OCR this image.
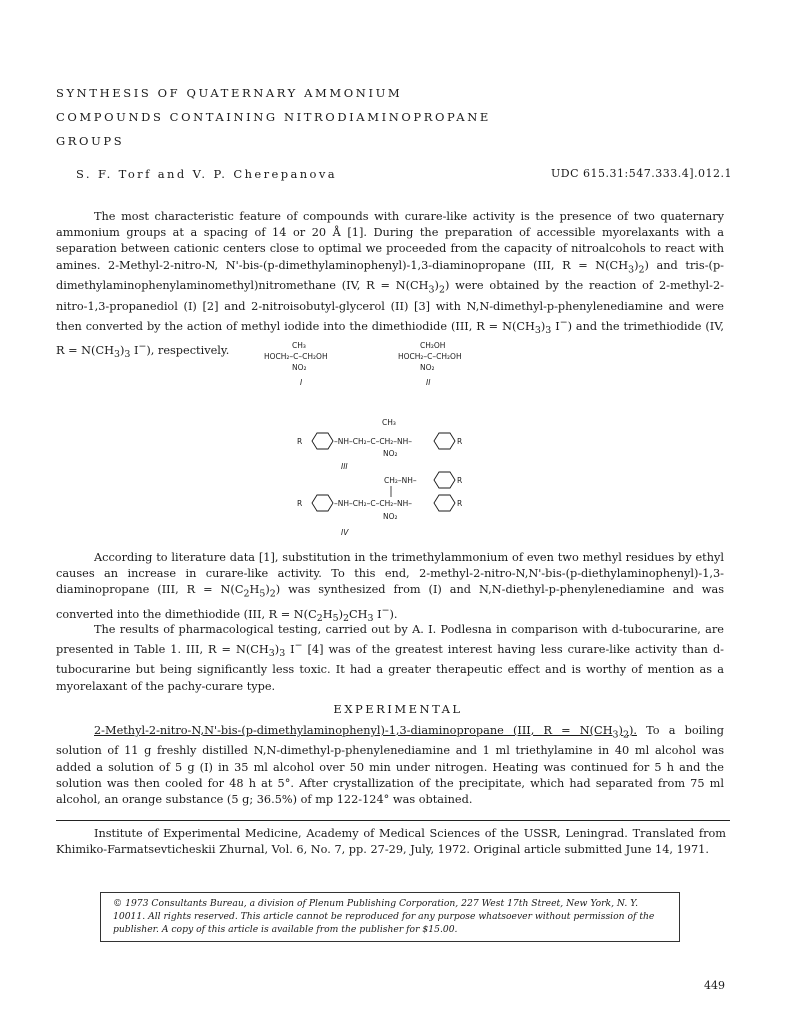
SYNTHESIS OF QUATERNARY AMMONIUM
COMPOUNDS CONTAINING NITRODIAMINOPROPANE
GROUPS
S. F. Torf and V. P. Cherepanova	UDC 615.31:547.333.4].012.1

The most characteristic feature of compounds with curare-like activity is the presence of two quaternary ammonium groups at a spacing of 14 or 20 Å [1]. During the preparation of accessible myorelaxants with a separation between cationic centers close to optimal we proceeded from the capacity of nitroalcohols to react with amines. 2-Methyl-2-nitro-N, N'-bis-(p-dimethylaminophenyl)-1,3-diaminopropane (III, $R = N(CH_3)_2$) and tris-(p-dimethylaminophenylaminomethyl)nitromethane (IV, $R = N(CH_3)_2$) were obtained by the reaction of 2-methyl-2-nitro-1,3-propanediol (I) [2] and 2-nitroisobutyl-glycerol (II) [3] with N,N-dimethyl-p-phenylenediamine and were then converted by the action of methyl iodide into the dimethiodide (III, $R = N(CH_3)_3$ I−) and the trimethiodide (IV, $R = N(CH_3)_3$ I−), respectively.	CH₃
HOCH₂–C–CH₂OH
NO₂
I
CH₂OH
HOCH₂–C–CH₂OH
NO₂
II
CH₃
R	–NH–CH₂–C–CH₂–NH–	R
NO₂
III
CH₂–NH–	R
R	–NH–CH₂–C–CH₂–NH–	R
NO₂
IV

According to literature data [1], substitution in the trimethylammonium of even two methyl residues by ethyl causes an increase in curare-like activity. To this end, 2-methyl-2-nitro-N,N'-bis-(p-diethylaminophenyl)-1,3-diaminopropane (III, $R = N(C_2H_5)_2$) was synthesized from (I) and N,N-diethyl-p-phenylenediamine and was converted into the dimethiodide (III, $R = N(C_2H_5)_2CH_3$ I−).

The results of pharmacological testing, carried out by A. I. Podlesna in comparison with d-tubocurarine, are presented in Table 1. III, $R = N(CH_3)_3$ I− [4] was of the greatest interest having less curare-like activity than d-tubocurarine but being significantly less toxic. It had a greater therapeutic effect and is worthy of mention as a myorelaxant of the pachy-curare type.

EXPERIMENTAL

2-Methyl-2-nitro-N,N'-bis-(p-dimethylaminophenyl)-1,3-diaminopropane (III, $R = N(CH_3)_2$). To a boiling solution of 11 g freshly distilled N,N-dimethyl-p-phenylenediamine and 1 ml triethylamine in 40 ml alcohol was added a solution of 5 g (I) in 35 ml alcohol over 50 min under nitrogen. Heating was continued for 5 h and the solution was then cooled for 48 h at 5°. After crystallization of the precipitate, which had separated from 75 ml alcohol, an orange substance (5 g; 36.5%) of mp 122-124° was obtained.

Institute of Experimental Medicine, Academy of Medical Sciences of the USSR, Leningrad. Translated from Khimiko-Farmatsevticheskii Zhurnal, Vol. 6, No. 7, pp. 27-29, July, 1972. Original article submitted June 14, 1971.

© 1973 Consultants Bureau, a division of Plenum Publishing Corporation, 227 West 17th Street, New York, N. Y. 10011. All rights reserved. This article cannot be reproduced for any purpose whatsoever without permission of the publisher. A copy of this article is available from the publisher for $15.00.
449
